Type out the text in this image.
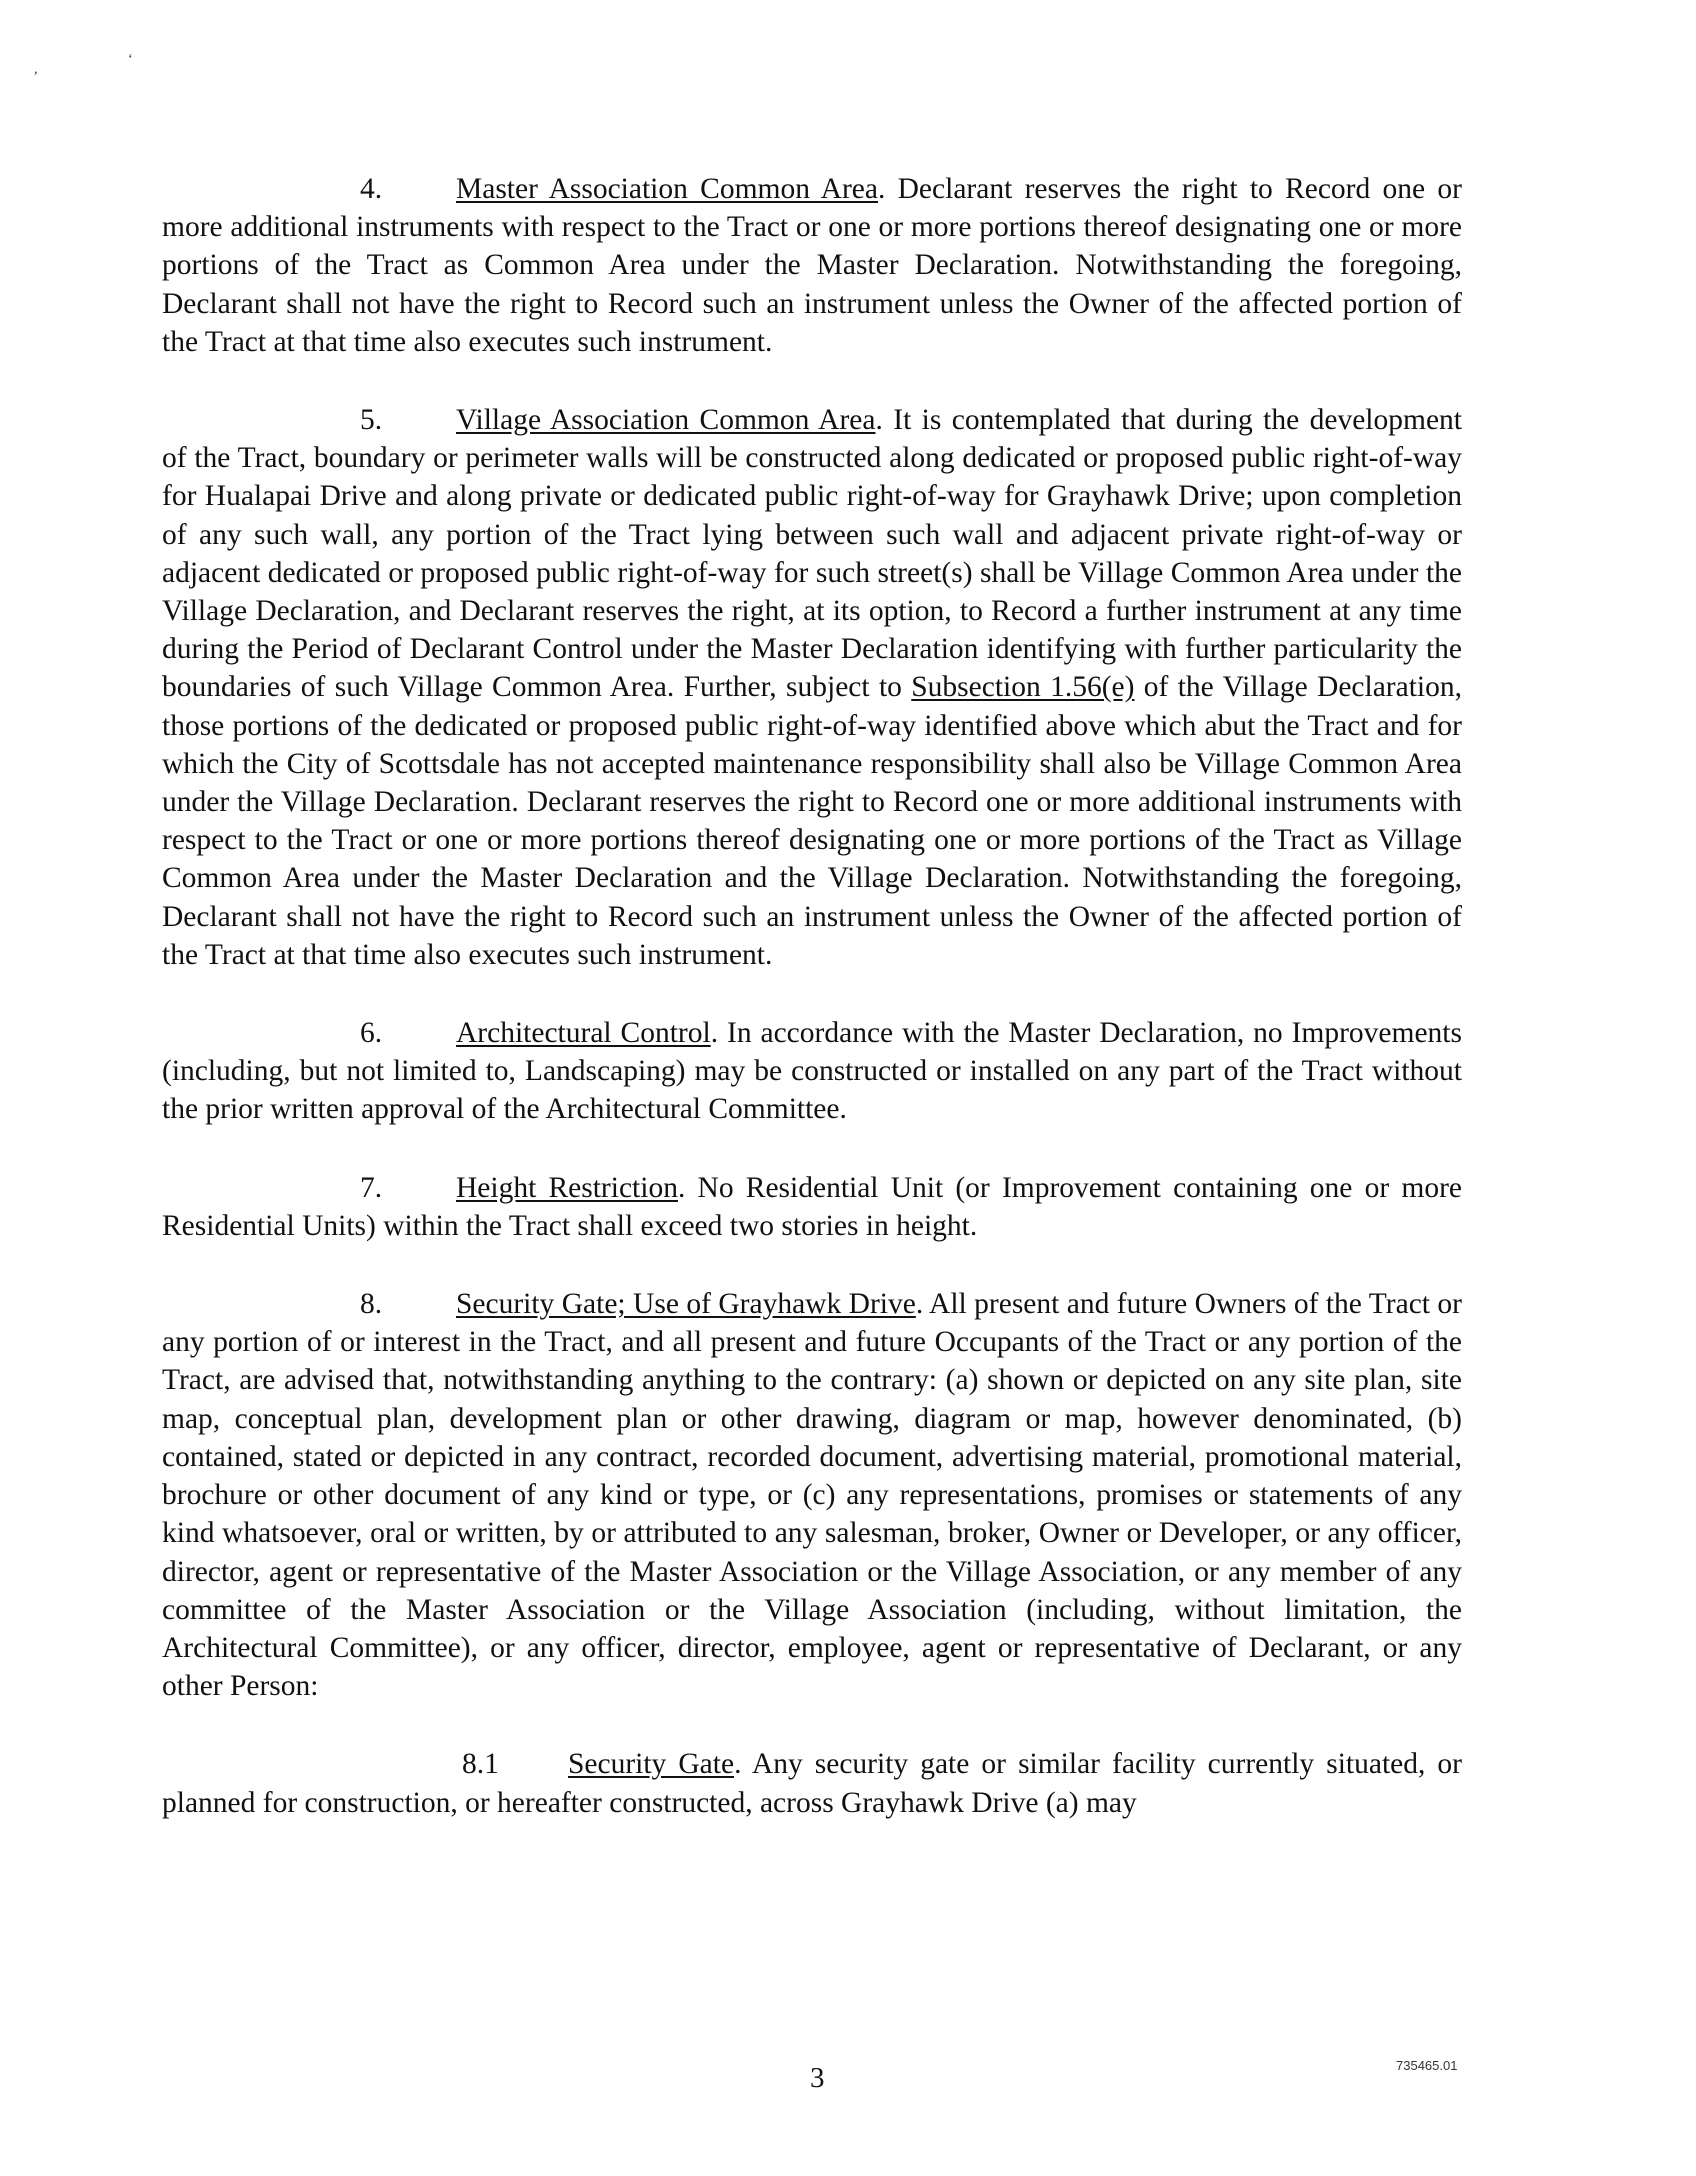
,
‘

4.	Master Association Common Area. Declarant reserves the right to Record one or more additional instruments with respect to the Tract or one or more portions thereof designating one or more portions of the Tract as Common Area under the Master Declaration. Notwithstanding the foregoing, Declarant shall not have the right to Record such an instrument unless the Owner of the affected portion of the Tract at that time also executes such instrument.

5.	Village Association Common Area. It is contemplated that during the development of the Tract, boundary or perimeter walls will be constructed along dedicated or proposed public right-of-way for Hualapai Drive and along private or dedicated public right-of-way for Grayhawk Drive; upon completion of any such wall, any portion of the Tract lying between such wall and adjacent private right-of-way or adjacent dedicated or proposed public right-of-way for such street(s) shall be Village Common Area under the Village Declaration, and Declarant reserves the right, at its option, to Record a further instrument at any time during the Period of Declarant Control under the Master Declaration identifying with further particularity the boundaries of such Village Common Area. Further, subject to Subsection 1.56(e) of the Village Declaration, those portions of the dedicated or proposed public right-of-way identified above which abut the Tract and for which the City of Scottsdale has not accepted maintenance responsibility shall also be Village Common Area under the Village Declaration. Declarant reserves the right to Record one or more additional instruments with respect to the Tract or one or more portions thereof designating one or more portions of the Tract as Village Common Area under the Master Declaration and the Village Declaration. Notwithstanding the foregoing, Declarant shall not have the right to Record such an instrument unless the Owner of the affected portion of the Tract at that time also executes such instrument.

6.	Architectural Control. In accordance with the Master Declaration, no Improvements (including, but not limited to, Landscaping) may be constructed or installed on any part of the Tract without the prior written approval of the Architectural Committee.

7.	Height Restriction. No Residential Unit (or Improvement containing one or more Residential Units) within the Tract shall exceed two stories in height.

8.	Security Gate; Use of Grayhawk Drive. All present and future Owners of the Tract or any portion of or interest in the Tract, and all present and future Occupants of the Tract or any portion of the Tract, are advised that, notwithstanding anything to the contrary: (a) shown or depicted on any site plan, site map, conceptual plan, development plan or other drawing, diagram or map, however denominated, (b) contained, stated or depicted in any contract, recorded document, advertising material, promotional material, brochure or other document of any kind or type, or (c) any representations, promises or statements of any kind whatsoever, oral or written, by or attributed to any salesman, broker, Owner or Developer, or any officer, director, agent or representative of the Master Association or the Village Association, or any member of any committee of the Master Association or the Village Association (including, without limitation, the Architectural Committee), or any officer, director, employee, agent or representative of Declarant, or any other Person:

8.1 Security Gate. Any security gate or similar facility currently situated, or planned for construction, or hereafter constructed, across Grayhawk Drive (a) may

3	735465.01
